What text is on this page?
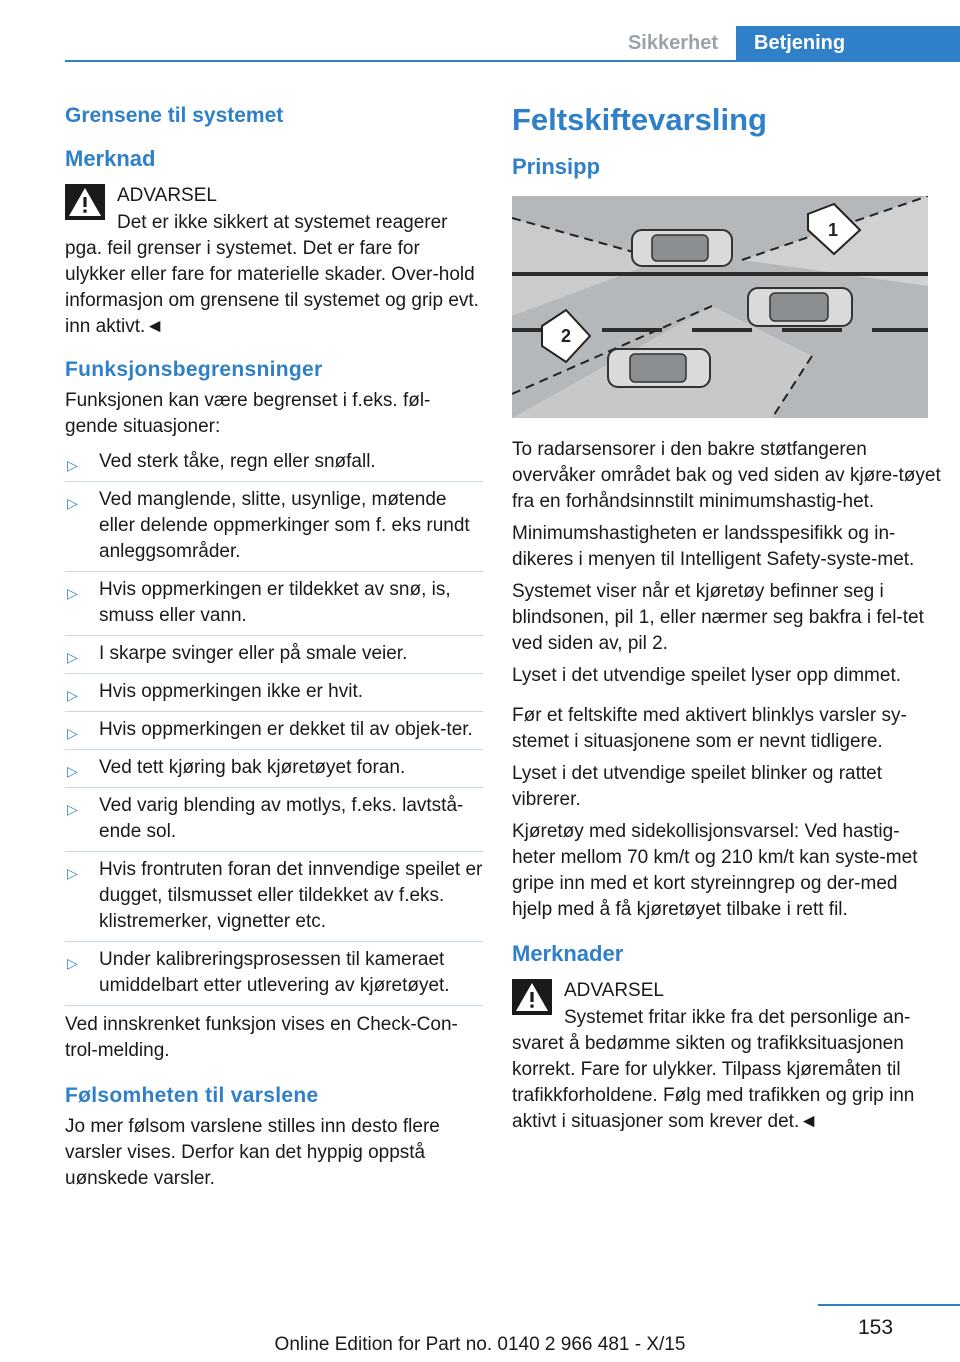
Sikkerhet	Betjening
Grensene til systemet
Merknad
ADVARSEL
Det er ikke sikkert at systemet reagerer
pga. feil grenser i systemet. Det er fare for ulykker eller fare for materielle skader. Over-hold informasjon om grensene til systemet og grip evt. inn aktivt.◄
Funksjonsbegrensninger

Funksjonen kan være begrenset i f.eks. føl-gende situasjoner:

▷ Ved sterk tåke, regn eller snøfall.
▷ Ved manglende, slitte, usynlige, møtende eller delende oppmerkinger som f. eks rundt anleggsområder.
▷ Hvis oppmerkingen er tildekket av snø, is, smuss eller vann.
▷ I skarpe svinger eller på smale veier.
▷ Hvis oppmerkingen ikke er hvit.
▷ Hvis oppmerkingen er dekket til av objek-ter.
▷ Ved tett kjøring bak kjøretøyet foran.
▷ Ved varig blending av motlys, f.eks. lavtstå-ende sol.
▷ Hvis frontruten foran det innvendige speilet er dugget, tilsmusset eller tildekket av f.eks. klistremerker, vignetter etc.
▷ Under kalibreringsprosessen til kameraet umiddelbart etter utlevering av kjøretøyet.

Ved innskrenket funksjon vises en Check-Con-trol-melding.

Følsomheten til varslene

Jo mer følsom varslene stilles inn desto flere varsler vises. Derfor kan det hyppig oppstå uønskede varsler.

Feltskiftevarsling
Prinsipp
1
2

To radarsensorer i den bakre støtfangeren overvåker området bak og ved siden av kjøre-tøyet fra en forhåndsinnstilt minimumshastig-het.

Minimumshastigheten er landsspesifikk og in-dikeres i menyen til Intelligent Safety-syste-met.

Systemet viser når et kjøretøy befinner seg i blindsonen, pil 1, eller nærmer seg bakfra i fel-tet ved siden av, pil 2.

Lyset i det utvendige speilet lyser opp dimmet.

Før et feltskifte med aktivert blinklys varsler sy-stemet i situasjonene som er nevnt tidligere.

Lyset i det utvendige speilet blinker og rattet vibrerer.

Kjøretøy med sidekollisjonsvarsel: Ved hastig-heter mellom 70 km/t og 210 km/t kan syste-met gripe inn med et kort styreinngrep og der-med hjelp med å få kjøretøyet tilbake i rett fil.

Merknader
ADVARSEL
Systemet fritar ikke fra det personlige an-
svaret å bedømme sikten og trafikksituasjonen korrekt. Fare for ulykker. Tilpass kjøremåten til trafikkforholdene. Følg med trafikken og grip inn aktivt i situasjoner som krever det.◄
153
Online Edition for Part no. 0140 2 966 481 - X/15
